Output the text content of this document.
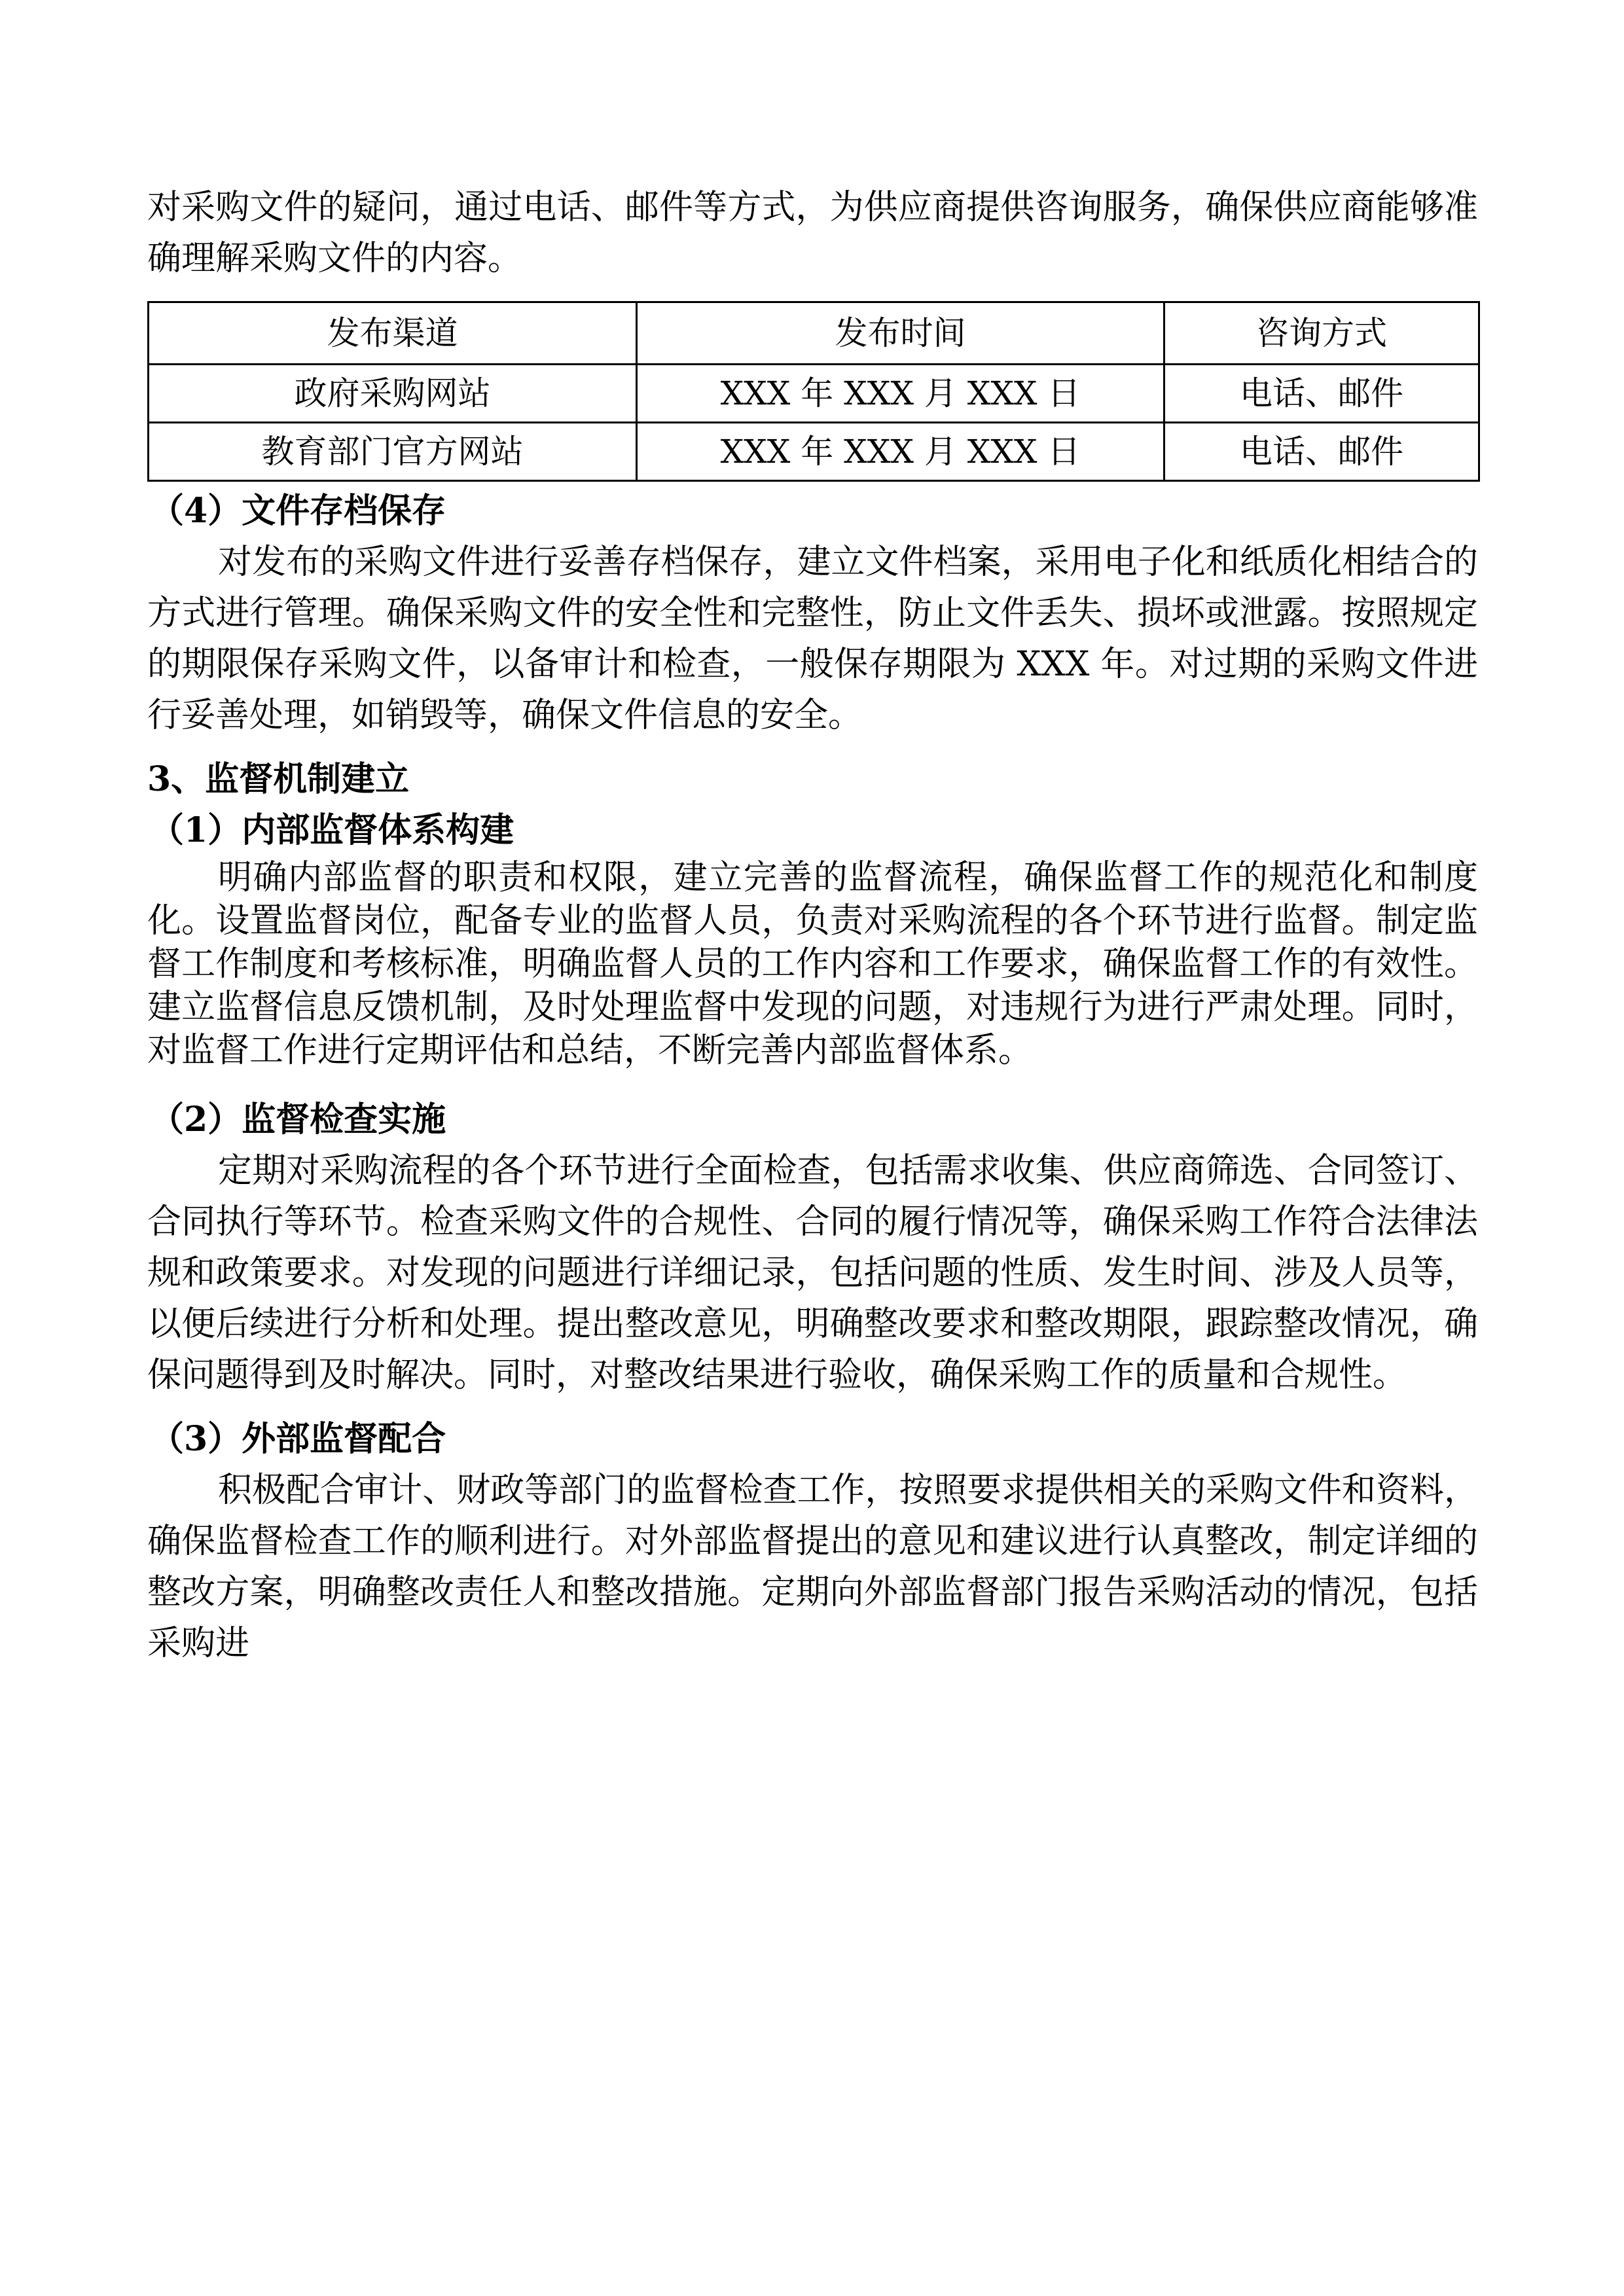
对采购文件的疑问，通过电话、邮件等方式，为供应商提供咨询服务，确保供应商能够准确理解采购文件的内容。

发布渠道	发布时间	咨询方式
政府采购网站	XXX 年 XXX 月 XXX 日	电话、邮件
教育部门官方网站	XXX 年 XXX 月 XXX 日	电话、邮件
（4）文件存档保存

对发布的采购文件进行妥善存档保存，建立文件档案，采用电子化和纸质化相结合的方式进行管理。确保采购文件的安全性和完整性，防止文件丢失、损坏或泄露。按照规定的期限保存采购文件，以备审计和检查，一般保存期限为 XXX 年。对过期的采购文件进行妥善处理，如销毁等，确保文件信息的安全。

3、监督机制建立
（1）内部监督体系构建

明确内部监督的职责和权限，建立完善的监督流程，确保监督工作的规范化和制度化。设置监督岗位，配备专业的监督人员，负责对采购流程的各个环节进行监督。制定监督工作制度和考核标准，明确监督人员的工作内容和工作要求，确保监督工作的有效性。建立监督信息反馈机制，及时处理监督中发现的问题，对违规行为进行严肃处理。同时，对监督工作进行定期评估和总结，不断完善内部监督体系。

（2）监督检查实施

定期对采购流程的各个环节进行全面检查，包括需求收集、供应商筛选、合同签订、合同执行等环节。检查采购文件的合规性、合同的履行情况等，确保采购工作符合法律法规和政策要求。对发现的问题进行详细记录，包括问题的性质、发生时间、涉及人员等，以便后续进行分析和处理。提出整改意见，明确整改要求和整改期限，跟踪整改情况，确保问题得到及时解决。同时，对整改结果进行验收，确保采购工作的质量和合规性。

（3）外部监督配合

积极配合审计、财政等部门的监督检查工作，按照要求提供相关的采购文件和资料，确保监督检查工作的顺利进行。对外部监督提出的意见和建议进行认真整改，制定详细的整改方案，明确整改责任人和整改措施。定期向外部监督部门报告采购活动的情况，包括采购进
